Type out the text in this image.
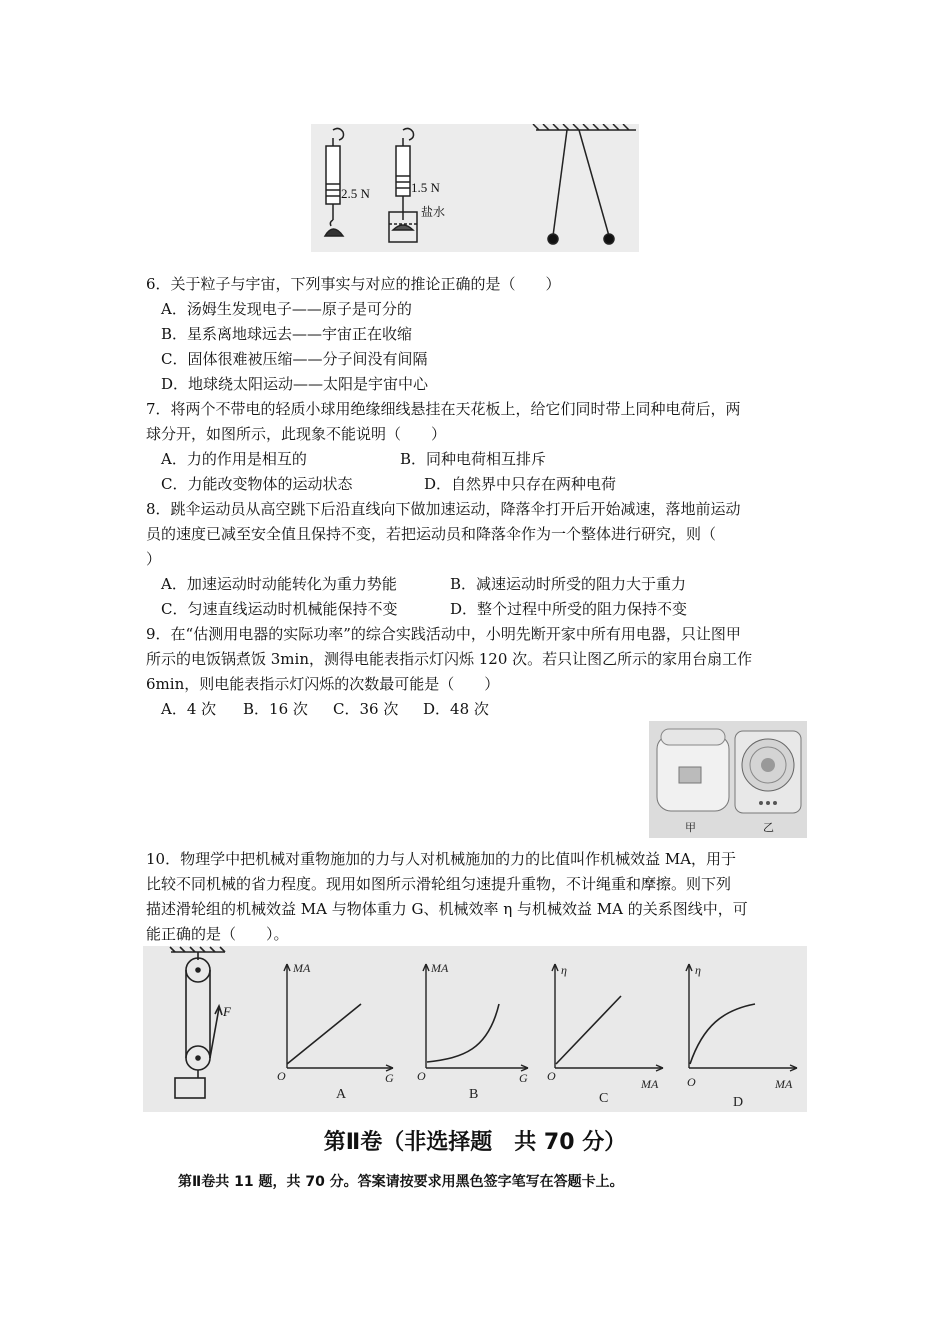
2.5 N	1.5 N
盐水
6．关于粒子与宇宙，下列事实与对应的推论正确的是（　　）
A．汤姆生发现电子——原子是可分的
B．星系离地球远去——宇宙正在收缩
C．固体很难被压缩——分子间没有间隔
D．地球绕太阳运动——太阳是宇宙中心
7．将两个不带电的轻质小球用绝缘细线悬挂在天花板上，给它们同时带上同种电荷后，两
球分开，如图所示，此现象不能说明（　　）
A．力的作用是相互的	B．同种电荷相互排斥
C．力能改变物体的运动状态	D．自然界中只存在两种电荷
8．跳伞运动员从高空跳下后沿直线向下做加速运动，降落伞打开后开始减速，落地前运动
员的速度已减至安全值且保持不变，若把运动员和降落伞作为一个整体进行研究，则（
）
A．加速运动时动能转化为重力势能	B．减速运动时所受的阻力大于重力
C．匀速直线运动时机械能保持不变	D．整个过程中所受的阻力保持不变
9．在“估测用电器的实际功率”的综合实践活动中，小明先断开家中所有用电器，只让图甲
所示的电饭锅煮饭 3min，测得电能表指示灯闪烁 120 次。若只让图乙所示的家用台扇工作
6min，则电能表指示灯闪烁的次数最可能是（　　）
A．4 次 B．16 次 C．36 次 D．48 次
甲	乙
10．物理学中把机械对重物施加的力与人对机械施加的力的比值叫作机械效益 MA，用于
比较不同机械的省力程度。现用如图所示滑轮组匀速提升重物，不计绳重和摩擦。则下列
描述滑轮组的机械效益 MA 与物体重力 G、机械效率 η 与机械效益 MA 的关系图线中，可
能正确的是（　　）。
F
MA
G
O
A
MA
G
O
B
η
MA
O
C
η
MA
O
D
第Ⅱ卷（非选择题　共 70 分）
第Ⅱ卷共 11 题，共 70 分。答案请按要求用黑色签字笔写在答题卡上。
